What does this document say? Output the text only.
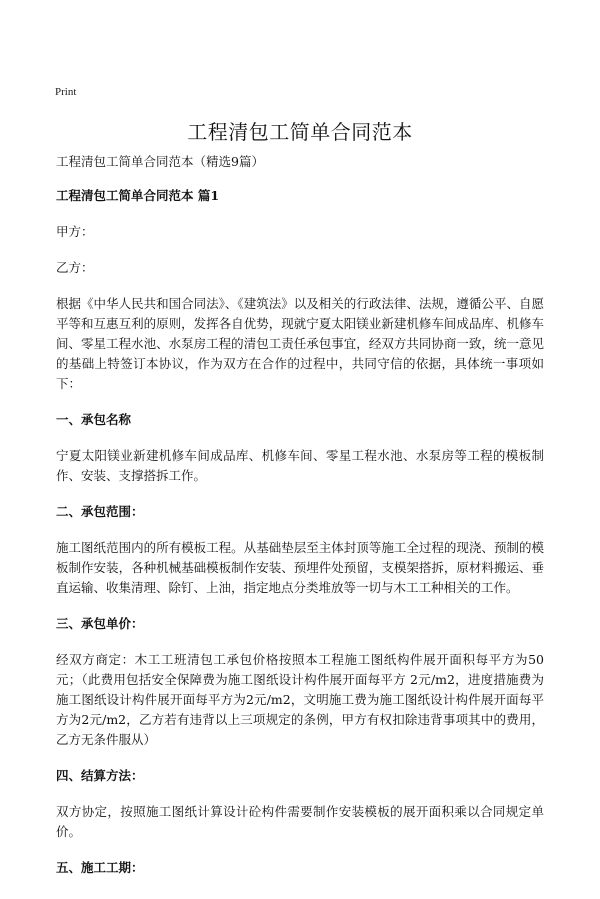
Print
工程清包工简单合同范本

工程清包工简单合同范本（精选9篇）

工程清包工简单合同范本 篇1

甲方：

乙方：

根据《中华人民共和国合同法》、《建筑法》以及相关的行政法律、法规，遵循公平、自愿平等和互惠互利的原则，发挥各自优势，现就宁夏太阳镁业新建机修车间成品库、机修车间、零星工程水池、水泵房工程的清包工责任承包事宜，经双方共同协商一致，统一意见的基础上特签订本协议，作为双方在合作的过程中，共同守信的依据，具体统一事项如下：

一、承包名称

宁夏太阳镁业新建机修车间成品库、机修车间、零星工程水池、水泵房等工程的模板制作、安装、支撑搭拆工作。

二、承包范围：

施工图纸范围内的所有模板工程。从基础垫层至主体封顶等施工全过程的现浇、预制的模板制作安装，各种机械基础模板制作安装、预埋件处预留，支模架搭拆，原材料搬运、垂直运输、收集清理、除钉、上油，指定地点分类堆放等一切与木工工种相关的工作。

三、承包单价：

经双方商定：木工工班清包工承包价格按照本工程施工图纸构件展开面积每平方为50元；（此费用包括安全保障费为施工图纸设计构件展开面每平方 2元/m2，进度措施费为施工图纸设计构件展开面每平方为2元/m2，文明施工费为施工图纸设计构件展开面每平方为2元/m2，乙方若有违背以上三项规定的条例，甲方有权扣除违背事项其中的费用，乙方无条件服从）

四、结算方法：

双方协定，按照施工图纸计算设计砼构件需要制作安装模板的展开面积乘以合同规定单价。

五、施工工期：
